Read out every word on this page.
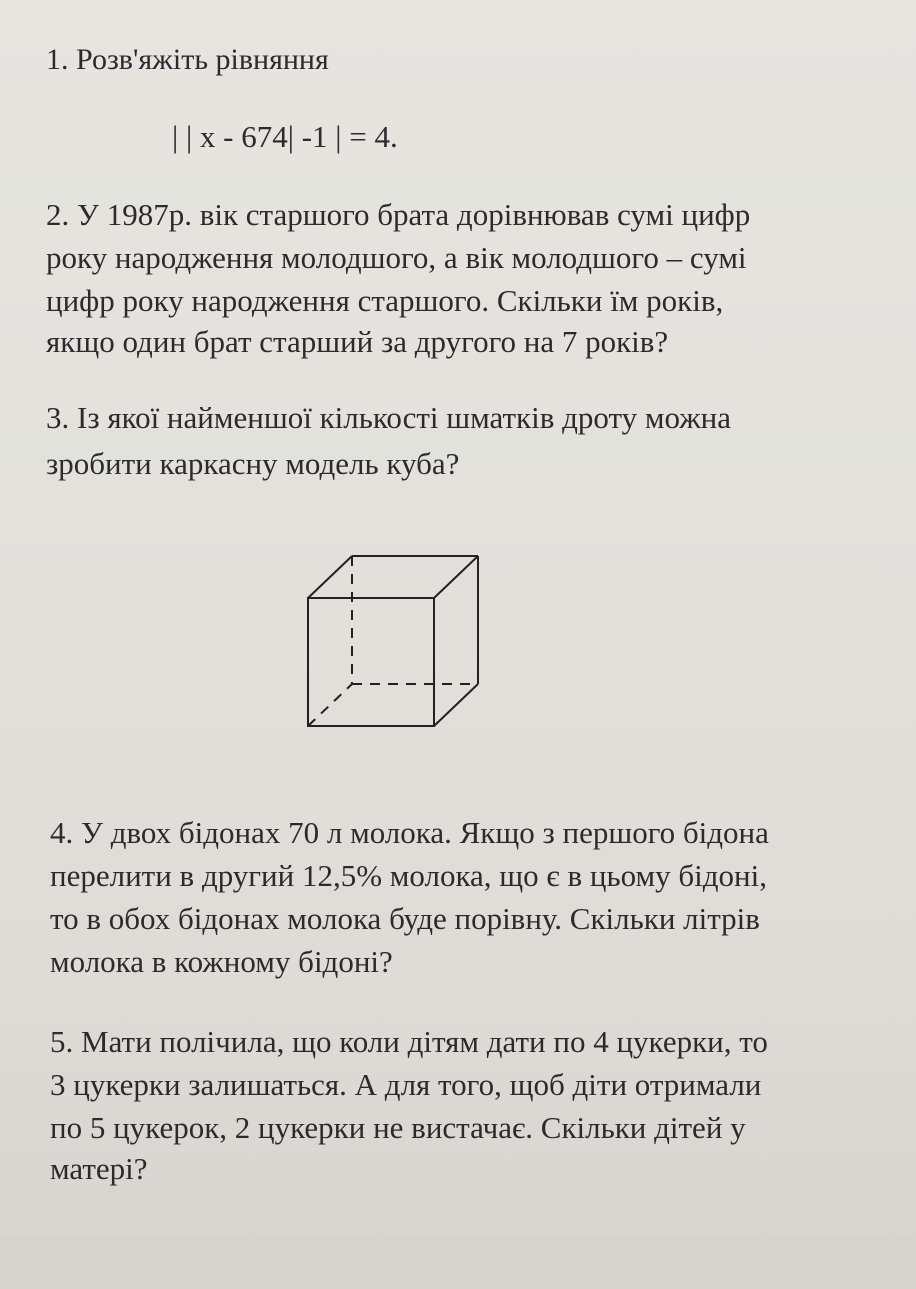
1. Розв'яжіть рівняння

| | x - 674| -1 | = 4.

2. У 1987р. вік старшого брата дорівнював сумі цифр

року народження молодшого, а вік молодшого – сумі

цифр року народження старшого. Скільки їм років,

якщо один брат старший за другого на 7 років?

3. Із якої найменшої кількості шматків дроту можна

зробити каркасну модель куба?

4. У двох бідонах 70 л молока. Якщо з першого бідона

перелити в другий 12,5% молока, що є в цьому бідоні,

то в обох бідонах молока буде порівну. Скільки літрів

молока в кожному бідоні?

5. Мати полічила, що коли дітям дати по 4 цукерки, то

3 цукерки залишаться. А для того, щоб діти отримали

по 5 цукерок, 2 цукерки не вистачає. Скільки дітей у

матері?
